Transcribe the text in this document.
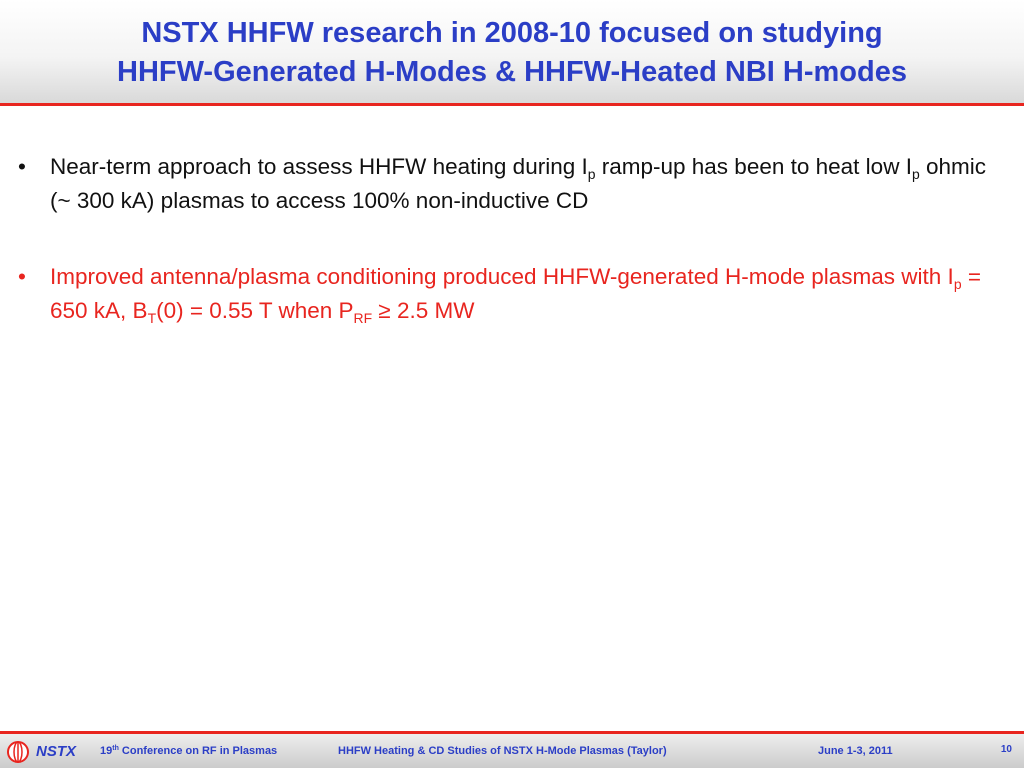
NSTX HHFW research in 2008-10 focused on studying
HHFW-Generated H-Modes & HHFW-Heated NBI H-modes
•	Near-term approach to assess HHFW heating during $I_p$ ramp-up has been to heat low $I_p$ ohmic (~ 300 kA) plasmas to access 100% non-inductive CD
•	Improved antenna/plasma conditioning produced HHFW-generated H-mode plasmas with $I_p = 650$ kA, $B_T(0) = 0.55$ T when $P_{RF} \ge 2.5$ MW
NSTX 19th Conference on RF in Plasmas	HHFW Heating & CD Studies of NSTX H-Mode Plasmas (Taylor)	June 1-3, 2011	10
